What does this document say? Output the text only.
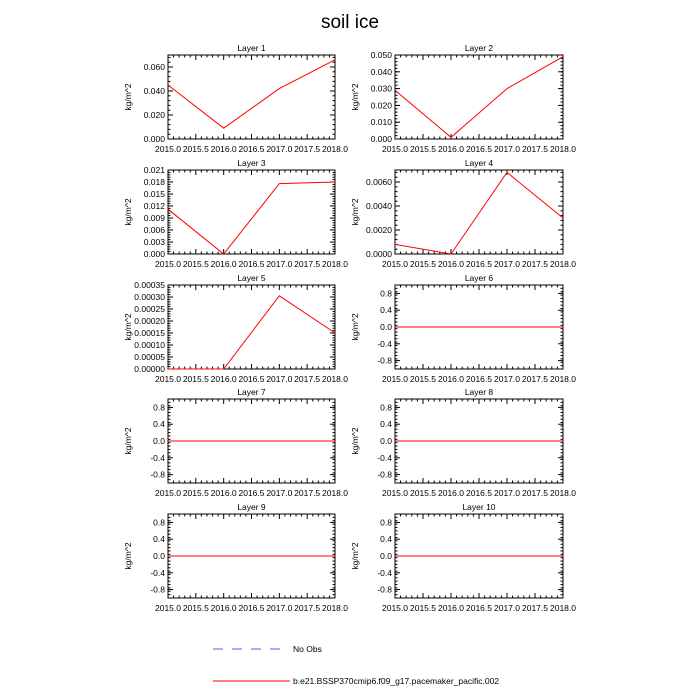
soil ice
Layer 1
kg/m^2
2015.0 2015.5 2016.0 2016.5 2017.0 2017.5 2018.0
0.000
0.020
0.040
0.060
Layer 2
kg/m^2
2015.0 2015.5 2016.0 2016.5 2017.0 2017.5 2018.0
0.000
0.010
0.020
0.030
0.040
0.050
Layer 3
kg/m^2
2015.0 2015.5 2016.0 2016.5 2017.0 2017.5 2018.0
0.000
0.003
0.006
0.009
0.012
0.015
0.018
0.021
Layer 4
kg/m^2
2015.0 2015.5 2016.0 2016.5 2017.0 2017.5 2018.0
0.0000
0.0020
0.0040
0.0060
Layer 5
kg/m^2
2015.0 2015.5 2016.0 2016.5 2017.0 2017.5 2018.0
0.00000
0.00005
0.00010
0.00015
0.00020
0.00025
0.00030
0.00035
Layer 6
kg/m^2
2015.0 2015.5 2016.0 2016.5 2017.0 2017.5 2018.0
-0.8
-0.4
0.0
0.4
0.8
Layer 7
kg/m^2
2015.0 2015.5 2016.0 2016.5 2017.0 2017.5 2018.0
-0.8
-0.4
0.0
0.4
0.8
Layer 8
kg/m^2
2015.0 2015.5 2016.0 2016.5 2017.0 2017.5 2018.0
-0.8
-0.4
0.0
0.4
0.8
Layer 9
kg/m^2
2015.0 2015.5 2016.0 2016.5 2017.0 2017.5 2018.0
-0.8
-0.4
0.0
0.4
0.8
Layer 10
kg/m^2
2015.0 2015.5 2016.0 2016.5 2017.0 2017.5 2018.0
-0.8
-0.4
0.0
0.4
0.8
No Obs
b.e21.BSSP370cmip6.f09_g17.pacemaker_pacific.002
